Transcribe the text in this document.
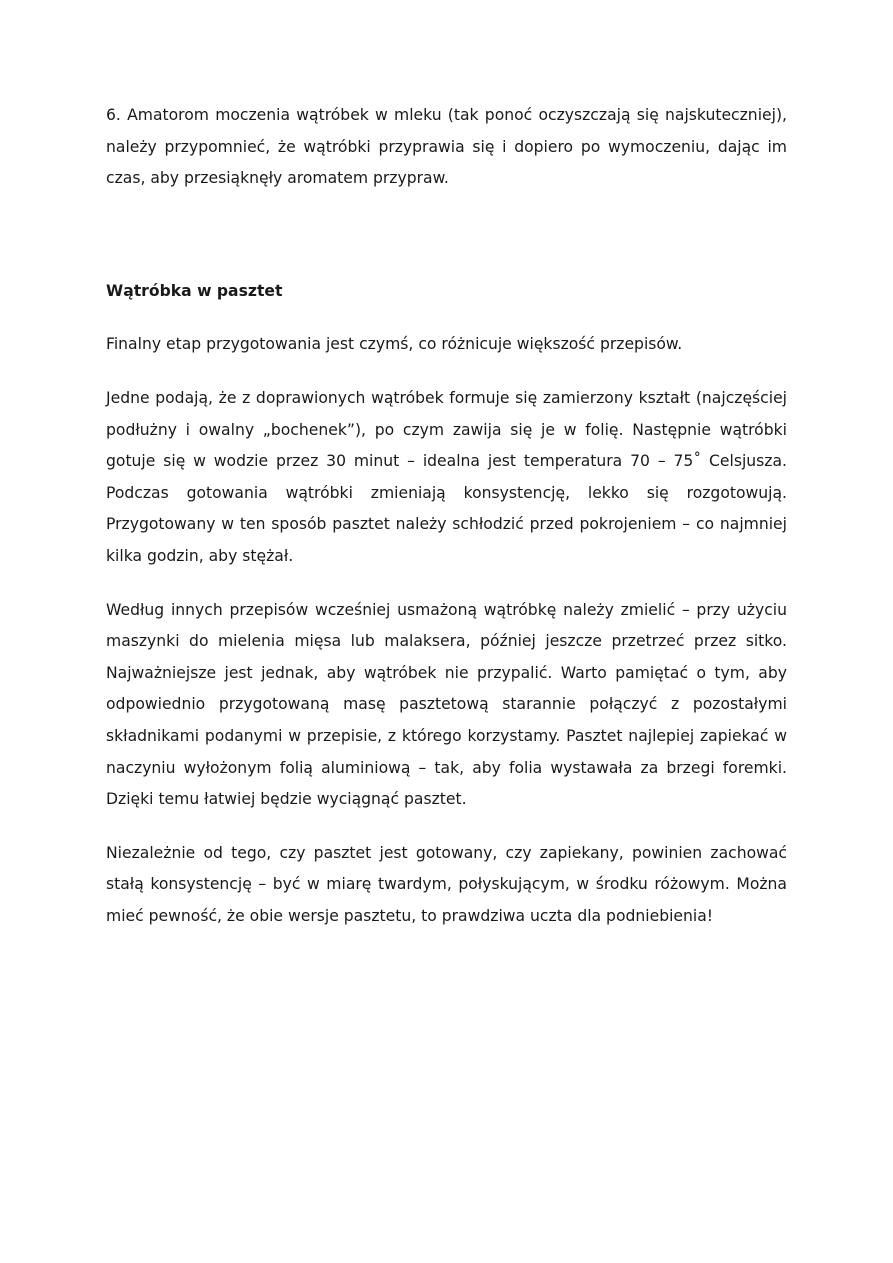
6. Amatorom moczenia wątróbek w mleku (tak ponoć oczyszczają się najskuteczniej), należy przypomnieć, że wątróbki przyprawia się i dopiero po wymoczeniu, dając im czas, aby przesiąknęły aromatem przypraw.

Wątróbka w pasztet

Finalny etap przygotowania jest czymś, co różnicuje większość przepisów.

Jedne podają, że z doprawionych wątróbek formuje się zamierzony kształt (najczęściej podłużny i owalny „bochenek”), po czym zawija się je w folię. Następnie wątróbki gotuje się w wodzie przez 30 minut – idealna jest temperatura 70 – 75˚ Celsjusza. Podczas gotowania wątróbki zmieniają konsystencję, lekko się rozgotowują. Przygotowany w ten sposób pasztet należy schłodzić przed pokrojeniem – co najmniej kilka godzin, aby stężał.

Według innych przepisów wcześniej usmażoną wątróbkę należy zmielić – przy użyciu maszynki do mielenia mięsa lub malaksera, później jeszcze przetrzeć przez sitko. Najważniejsze jest jednak, aby wątróbek nie przypalić. Warto pamiętać o tym, aby odpowiednio przygotowaną masę pasztetową starannie połączyć z pozostałymi składnikami podanymi w przepisie, z którego korzystamy. Pasztet najlepiej zapiekać w naczyniu wyłożonym folią aluminiową – tak, aby folia wystawała za brzegi foremki. Dzięki temu łatwiej będzie wyciągnąć pasztet.

Niezależnie od tego, czy pasztet jest gotowany, czy zapiekany, powinien zachować stałą konsystencję – być w miarę twardym, połyskującym, w środku różowym. Można mieć pewność, że obie wersje pasztetu, to prawdziwa uczta dla podniebienia!
